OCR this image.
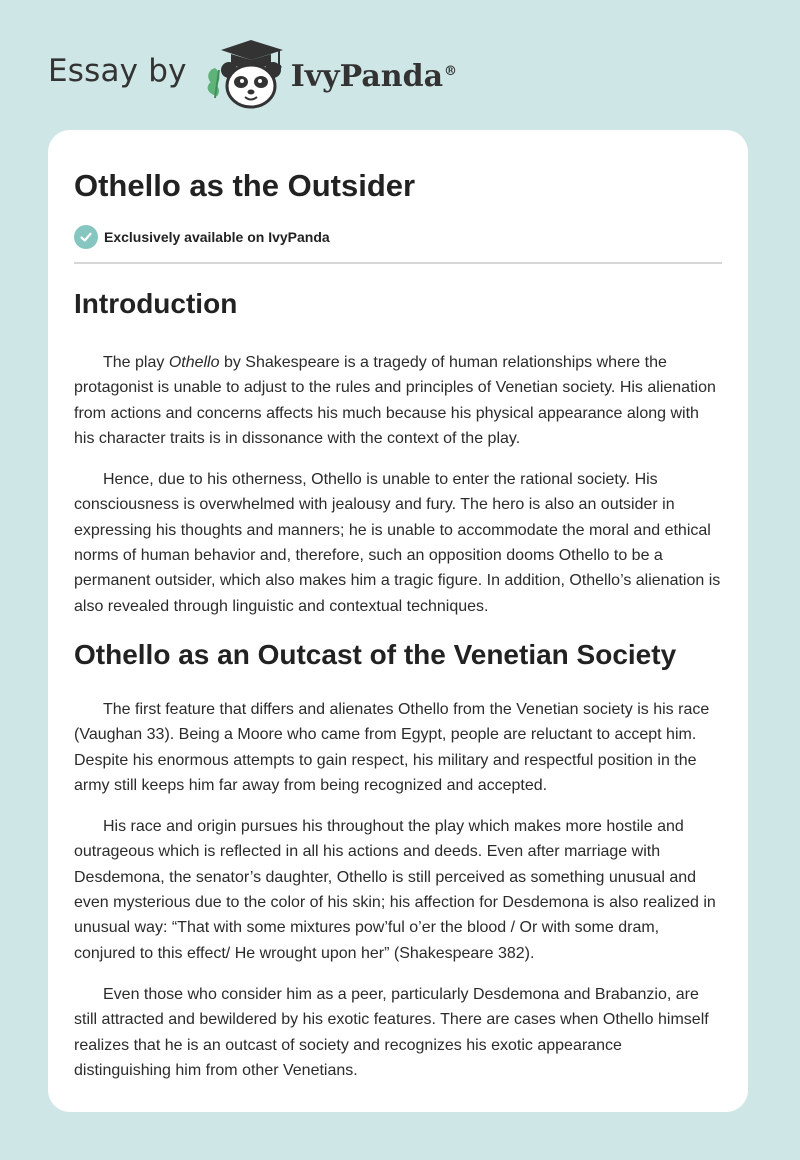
Essay by	IvyPanda®
Othello as the Outsider
Exclusively available on IvyPanda
Introduction

The play Othello by Shakespeare is a tragedy of human relationships where the protagonist is unable to adjust to the rules and principles of Venetian society. His alienation from actions and concerns affects his much because his physical appearance along with his character traits is in dissonance with the context of the play.

Hence, due to his otherness, Othello is unable to enter the rational society. His consciousness is overwhelmed with jealousy and fury. The hero is also an outsider in expressing his thoughts and manners; he is unable to accommodate the moral and ethical norms of human behavior and, therefore, such an opposition dooms Othello to be a permanent outsider, which also makes him a tragic figure. In addition, Othello’s alienation is also revealed through linguistic and contextual techniques.

Othello as an Outcast of the Venetian Society

The first feature that differs and alienates Othello from the Venetian society is his race (Vaughan 33). Being a Moore who came from Egypt, people are reluctant to accept him. Despite his enormous attempts to gain respect, his military and respectful position in the army still keeps him far away from being recognized and accepted.

His race and origin pursues his throughout the play which makes more hostile and outrageous which is reflected in all his actions and deeds. Even after marriage with Desdemona, the senator’s daughter, Othello is still perceived as something unusual and even mysterious due to the color of his skin; his affection for Desdemona is also realized in unusual way: “That with some mixtures pow’ful o’er the blood / Or with some dram, conjured to this effect/ He wrought upon her” (Shakespeare 382).

Even those who consider him as a peer, particularly Desdemona and Brabanzio, are still attracted and bewildered by his exotic features. There are cases when Othello himself realizes that he is an outcast of society and recognizes his exotic appearance distinguishing him from other Venetians.
